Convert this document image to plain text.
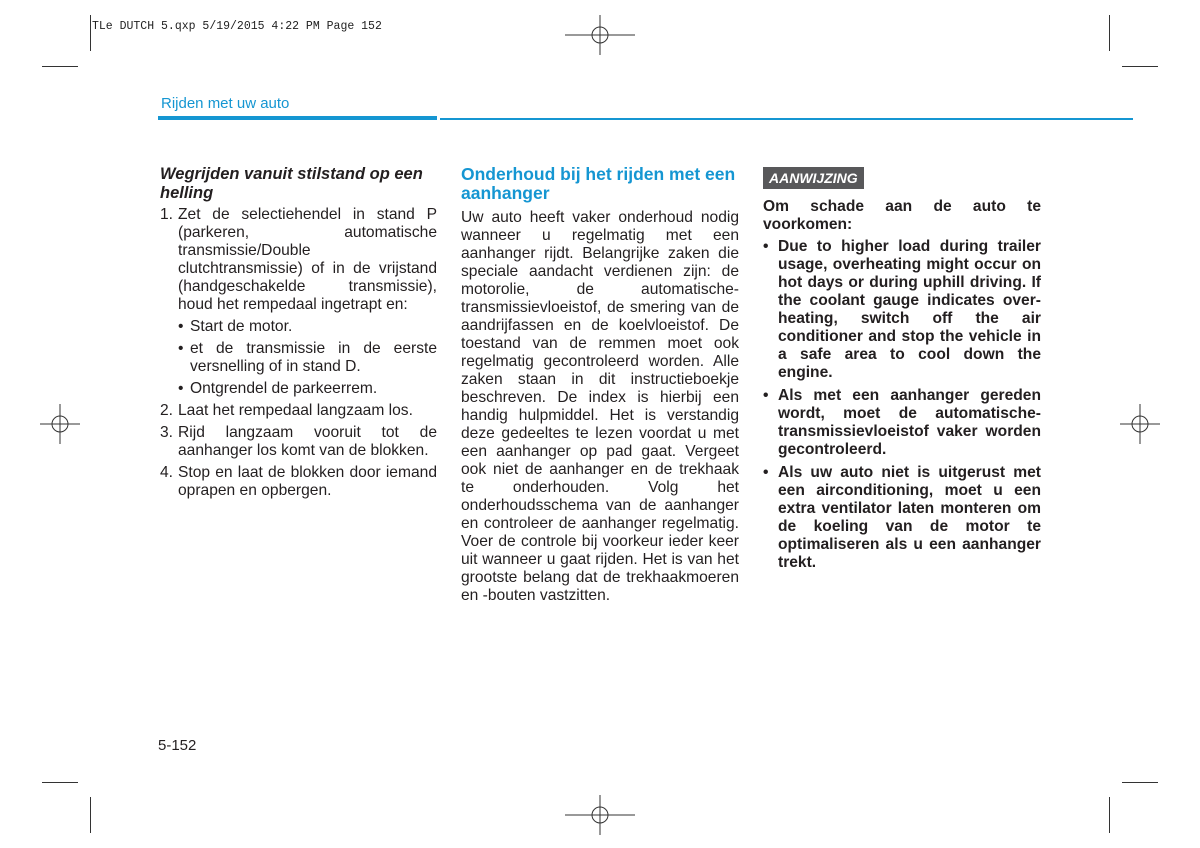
TLe DUTCH 5.qxp 5/19/2015 4:22 PM Page 152
Rijden met uw auto
Wegrijden vanuit stilstand op een helling
1. Zet de selectiehendel in stand P (parkeren, automatische transmissie/Double clutchtransmissie) of in de vrijstand (handgeschakelde transmissie), houd het rempedaal ingetrapt en:
• Start de motor.
• et de transmissie in de eerste versnelling of in stand D.
• Ontgrendel de parkeerrem.
2. Laat het rempedaal langzaam los.
3. Rijd langzaam vooruit tot de aanhanger los komt van de blokken.
4. Stop en laat de blokken door iemand oprapen en opbergen.
Onderhoud bij het rijden met een aanhanger
Uw auto heeft vaker onderhoud nodig wanneer u regelmatig met een aanhanger rijdt. Belangrijke zaken die speciale aandacht verdienen zijn: de motorolie, de automatische-transmissievloeistof, de smering van de aandrijfassen en de koelvloeistof. De toestand van de remmen moet ook regelmatig gecontroleerd worden. Alle zaken staan in dit instructieboekje beschreven. De index is hierbij een handig hulpmiddel. Het is verstandig deze gedeeltes te lezen voordat u met een aanhanger op pad gaat. Vergeet ook niet de aanhanger en de trekhaak te onderhouden. Volg het onderhoudsschema van de aanhanger en controleer de aanhanger regelmatig. Voer de controle bij voorkeur ieder keer uit wanneer u gaat rijden. Het is van het grootste belang dat de trekhaakmoeren en -bouten vastzitten.
AANWIJZING
Om schade aan de auto te voorkomen:
• Due to higher load during trailer usage, overheating might occur on hot days or during uphill driving. If the coolant gauge indicates over-heating, switch off the air conditioner and stop the vehicle in a safe area to cool down the engine.
• Als met een aanhanger gereden wordt, moet de automatische-transmissievloeistof vaker worden gecontroleerd.
• Als uw auto niet is uitgerust met een airconditioning, moet u een extra ventilator laten monteren om de koeling van de motor te optimaliseren als u een aanhanger trekt.
5-152
